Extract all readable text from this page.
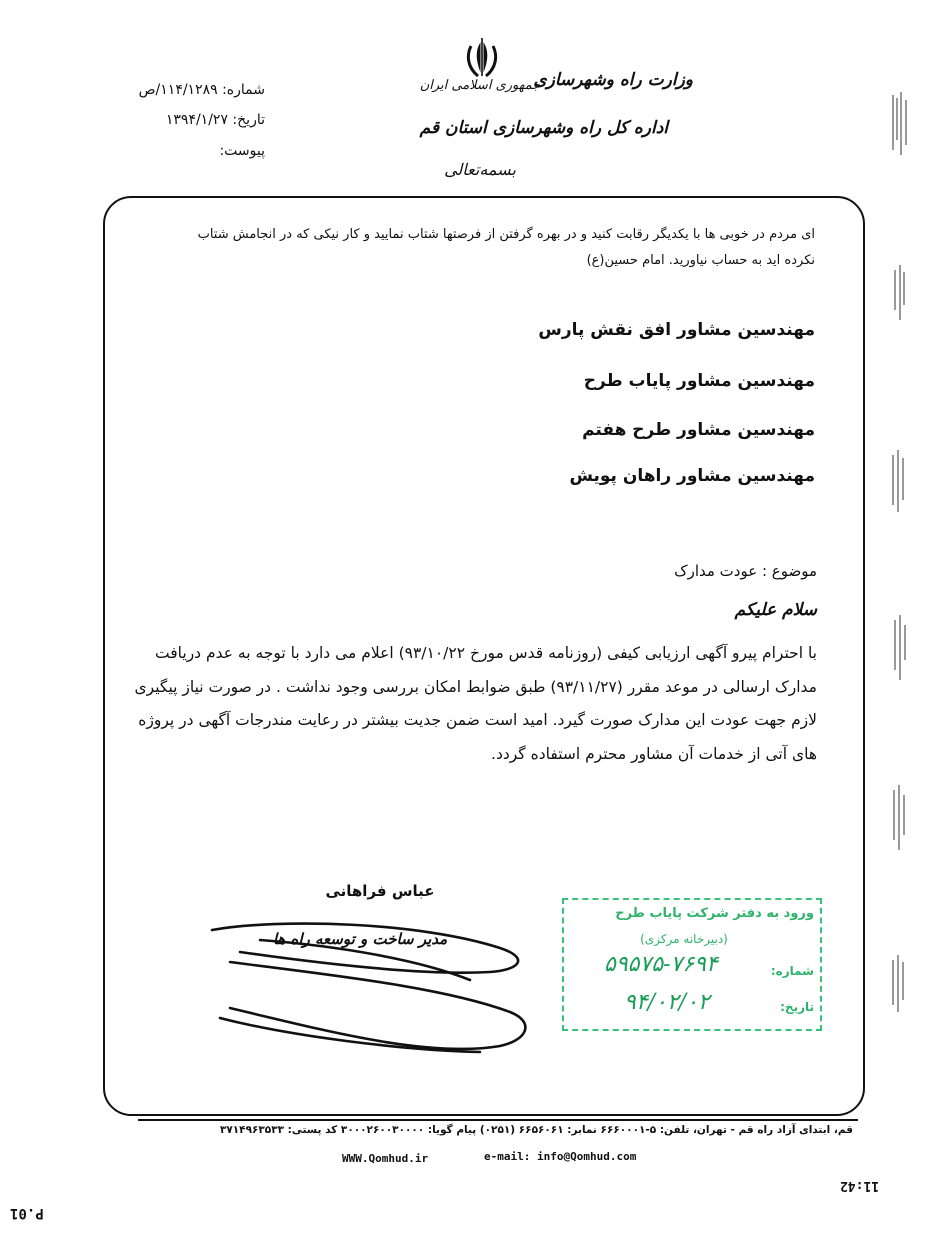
جمهوری اسلامی ایران
وزارت راه وشهرسازی
اداره کل راه وشهرسازی استان قم
بسمه‌تعالی
شماره: ۱۱۴/۱۲۸۹/ص
تاریخ: ۱۳۹۴/۱/۲۷
پیوست:
ای مردم در خوبی ها با یکدیگر رقابت کنید و در بهره گرفتن از فرصتها شتاب نمایید و کار نیکی که در انجامش شتاب نکرده اید به حساب نیاورید. امام حسین(ع)
مهندسین مشاور افق نقش پارس
مهندسین مشاور پایاب طرح
مهندسین مشاور طرح هفتم
مهندسین مشاور راهان پویش
موضوع : عودت مدارک
سلام علیکم
با احترام پیرو آگهی ارزیابی کیفی (روزنامه قدس مورخ ۹۳/۱۰/۲۲) اعلام می دارد با توجه به عدم دریافت مدارک ارسالی در موعد مقرر (۹۳/۱۱/۲۷) طبق ضوابط امکان بررسی وجود نداشت . در صورت نیاز پیگیری لازم جهت عودت این مدارک صورت گیرد. امید است ضمن جدیت بیشتر در رعایت مندرجات آگهی در پروژه های آتی از خدمات آن مشاور محترم استفاده گردد.
ورود به دفتر شرکت پایاب طرح
(دبیرخانه مرکزی)
شماره:
۵۹۵۷۵-۷۶۹۴
تاریخ:
۹۴/۰۲/۰۲
عباس فراهانی
مدیر ساخت و توسعه راه ها
قم، ابتدای آزاد راه قم - تهران، تلفن: ۵-۶۶۶۰۰۰۱ نمابر: ۶۶۵۶۰۶۱ (۰۲۵۱) پیام گویا: ۳۰۰۰۲۶۰۰۳۰۰۰۰ کد پستی: ۳۷۱۴۹۶۳۵۳۳
WWW.Qomhud.ir	e-mail: info@Qomhud.com
11:42
P.01
